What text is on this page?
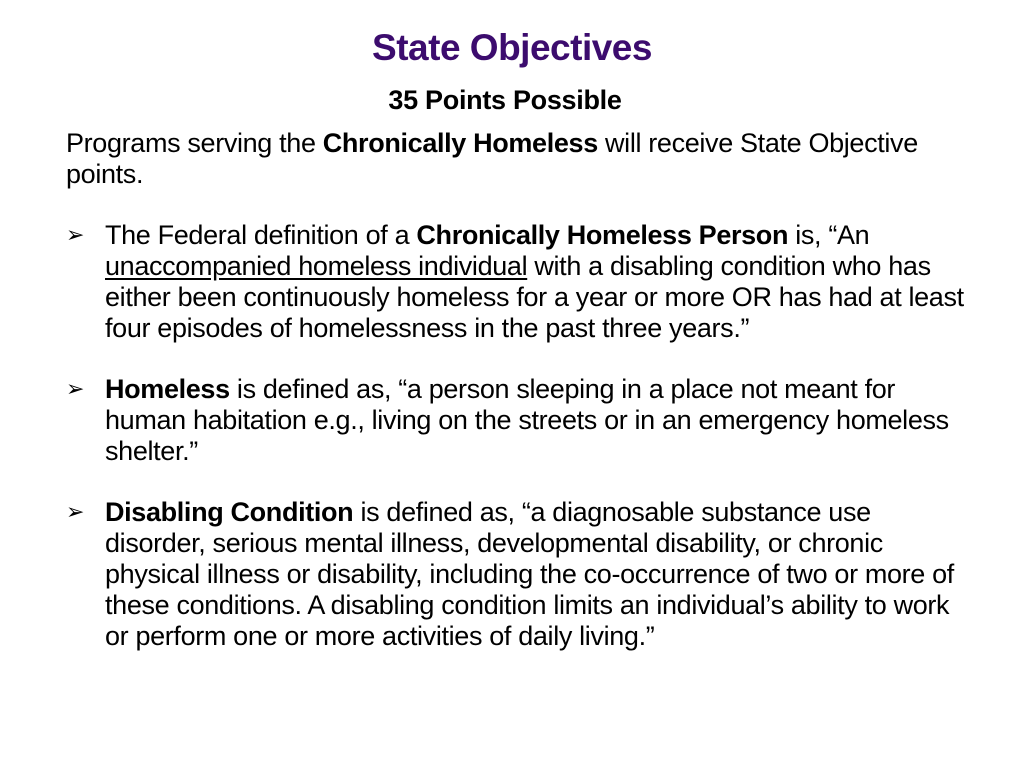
State Objectives
35 Points Possible

Programs serving the Chronically Homeless will receive State Objective points.

➢ The Federal definition of a Chronically Homeless Person is, “An unaccompanied homeless individual with a disabling condition who has either been continuously homeless for a year or more OR has had at least four episodes of homelessness in the past three years.”
➢ Homeless is defined as, “a person sleeping in a place not meant for human habitation e.g., living on the streets or in an emergency homeless shelter.”
➢ Disabling Condition is defined as, “a diagnosable substance use disorder, serious mental illness, developmental disability, or chronic physical illness or disability, including the co-occurrence of two or more of these conditions. A disabling condition limits an individual’s ability to work or perform one or more activities of daily living.”
